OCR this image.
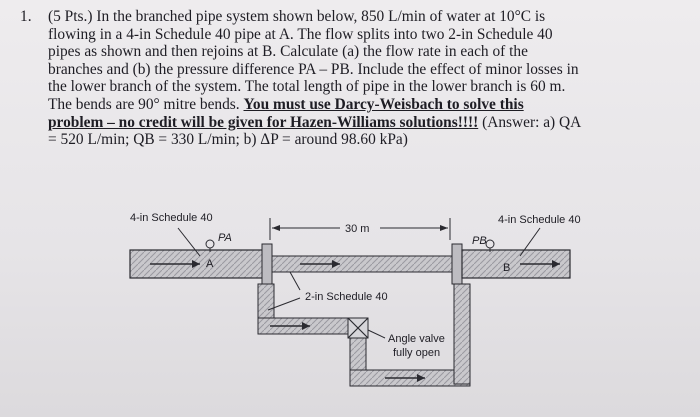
1. (5 Pts.) In the branched pipe system shown below, 850 L/min of water at 10°C is
flowing in a 4-in Schedule 40 pipe at A. The flow splits into two 2-in Schedule 40
pipes as shown and then rejoins at B. Calculate (a) the flow rate in each of the
branches and (b) the pressure difference PA – PB. Include the effect of minor losses in
the lower branch of the system. The total length of pipe in the lower branch is 60 m.
The bends are 90° mitre bends. You must use Darcy-Weisbach to solve this
problem – no credit will be given for Hazen-Williams solutions!!!! (Answer: a) QA
= 520 L/min; QB = 330 L/min; b) ΔP = around 98.60 kPa)
4-in Schedule 40	4-in Schedule 40
30 m
PA	PB
A	B
2-in Schedule 40
Angle valve
fully open
